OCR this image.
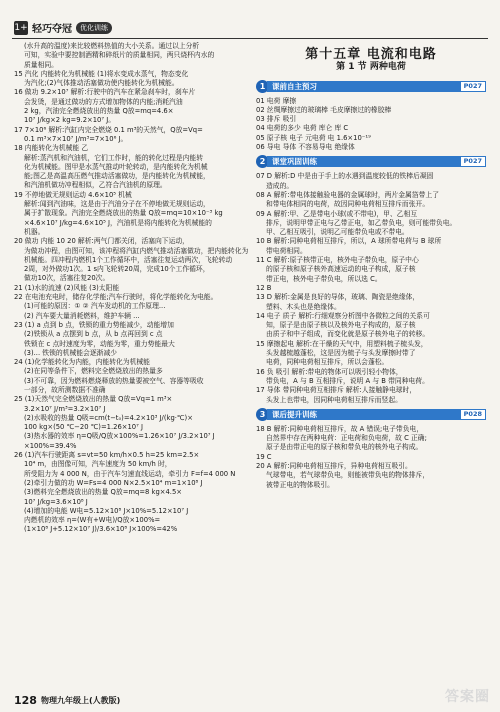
1+ 轻巧夺冠	优化训练
(水升高的温度)来比较燃料热值的大小关系。通过以上分析
可知，实验中要控制酒精和碎纸片的质量相同，两只烧杯内水的
质量相同。
15 汽化 内能转化为机械能 (1)将水变成水蒸气，物态变化
为汽化;(2)气体推动活塞做功使内能转化为机械能。
16 做功 9.2×10⁷ 解析:行驶中的汽车在紧急刹车时，刹车片
会发烫，是通过做功的方式增加物体的内能;消耗汽油
2 kg，汽油完全燃烧放出的热量 Q放=mq=4.6×
10⁷ J/kg×2 kg=9.2×10⁷ J。
17 7×10⁶ 解析:汽缸内完全燃烧 0.1 m³的天然气，Q放=Vq=
0.1 m³×7×10⁷ J/m³=7×10⁶ J。
18 内能转化为机械能 乙
解析:蒸汽机和汽油机，它们工作时，能的转化过程是内能转
化为机械能。图甲是水蒸气推动叶轮转动，是内能转化为机械
能;图乙是高温高压燃气推动活塞做功，是内能转化为机械能，
和汽油机做功冲程相似，乙符合汽油机的原理。
19 不停地做无规则运动 4.6×10⁵ 机械
解析:闻到汽油味，这是由于汽油分子在不停地做无规则运动，
属于扩散现象。汽油完全燃烧放出的热量 Q放=mq=10×10⁻³ kg
×4.6×10⁷ J/kg=4.6×10⁵ J，汽油机是将内能转化为机械能的
机器。
20 做功 内能 10 20 解析:两气门都关闭，活塞向下运动，
为做功冲程，由图可知，该冲程将汽缸内燃气推动活塞做功，把内能转化为
机械能。四冲程内燃机1个工作循环中，活塞往复运动两次，飞轮转动
2周，对外做功1次。1 s内飞轮转20周，完成10个工作循环，
做功10次，活塞往复20次。
21 (1)水的流速 (2)风能 (3)太阳能
22 在电池充电时，储存化学能;汽车行驶时，将化学能转化为电能。
(1)可能的原因：① ② 汽车发动机的工作原理...
(2) 汽车要大量消耗燃料，维护车辆 ...
23 (1) a 点到 b 点，铁锁的重力势能减少，动能增加
(2)铁锁从 a 点摆到 b 点，从 b 点再回到 c 点
铁锁在 c 点时速度为零，动能为零，重力势能最大
(3)... 铁锁的机械能会逐渐减少
24 (1)化学能转化为内能，内能转化为机械能
(2)在同等条件下，燃料完全燃烧放出的热量多
(3)不可靠，因为燃料燃烧释放的热量要被空气、容器等吸收
一部分，故所测数据不准确
25 (1)天然气完全燃烧放出的热量 Q放=Vq=1 m³×
3.2×10⁷ J/m³=3.2×10⁷ J
(2)水吸收的热量 Q吸=cm(t−t₀)=4.2×10³ J/(kg·℃)×
100 kg×(50 ℃−20 ℃)=1.26×10⁷ J
(3)热水器的效率 η=Q吸/Q放×100%=1.26×10⁷ J/3.2×10⁷ J
×100%=39.4%
26 (1)汽车行驶距离 s=vt=50 km/h×0.5 h=25 km=2.5×
10⁴ m，由图像可知，汽车速度为 50 km/h 时，
所受阻力为 4 000 N，由于汽车匀速直线运动，牵引力 F=f=4 000 N
(2)牵引力做的功 W=Fs=4 000 N×2.5×10⁴ m=1×10⁸ J
(3)燃料完全燃烧放出的热量 Q放=mq=8 kg×4.5×
10⁷ J/kg=3.6×10⁸ J
(4)增加的电能 W电=5.12×10⁸ J×10%=5.12×10⁷ J
内燃机的效率 η=(W有+W电)/Q放×100%=
(1×10⁸ J+5.12×10⁷ J)/3.6×10⁸ J×100%=42%
第十五章 电流和电路
第 1 节 两种电荷
1 课前自主预习	P027
01 电荷 摩擦
02 丝绸摩擦过的玻璃棒 毛皮摩擦过的橡胶棒
03 排斥 吸引
04 电荷的多少 电荷 库仑 库 C
05 原子核 电子 元电荷 电 1.6×10⁻¹⁹
06 导电 导体 不容易导电 绝缘体
2 课堂巩固训练	P027
07 D 解析:D 中是由于手上的水遇到温度较低的铁棒后凝固
造成的。
08 A 解析:带电体接触验电器的金属球时，两片金属箔带上了
和带电体相同的电荷，故因同种电荷相互排斥而张开。
09 A 解析:甲、乙是带电小球(或不带电)，甲、乙相互
排斥，说明甲带正电与乙带正电，如乙带负电，则可能带负电。
甲、乙相互吸引，说明乙可能带负电或不带电。
10 B 解析:同种电荷相互排斥，所以，A 球所带电荷与 B 球所
带电荷相同。
11 C 解析:原子核带正电，核外电子带负电，原子中心
的原子核和原子核外高速运动的电子构成，原子核
带正电，核外电子带负电，所以选 C。
12 B
13 D 解析:金属是良好的导体，玻璃、陶瓷是绝缘体，
塑料、木头也是绝缘体。
14 电子 质子 解析:行细观察分析图中各微粒之间的关系可
知，原子是由原子核以及核外电子构成的，原子核
由质子和中子组成，而变化就是原子核外电子的转移。
15 摩擦起电 解析:在干燥的天气中，用塑料梳子梳头发，
头发越梳越蓬松，这是因为梳子与头发摩擦时带了
电荷，同种电荷相互排斥，所以会蓬松。
16 负 吸引 解析:带电的物体可以吸引轻小物体，
带负电，A 与 B 互相排斥，说明 A 与 B 带同种电荷。
17 导体 带同种电荷互相排斥 解析:人接触静电球时，
头发上也带电，因同种电荷相互排斥而竖起。
3 课后提升训练	P028
18 B 解析:同种电荷相互排斥，故 A 错误;电子带负电，
自然界中存在两种电荷：正电荷和负电荷，故 C 正确;
原子是由带正电的原子核和带负电的核外电子构成。
19 C
20 A 解析:同种电荷相互排斥，异种电荷相互吸引。
气球带电，若气球带负电，则能被带负电的物体排斥，
被带正电的物体吸引。
128 物理九年级上(人教版)	答案圈
